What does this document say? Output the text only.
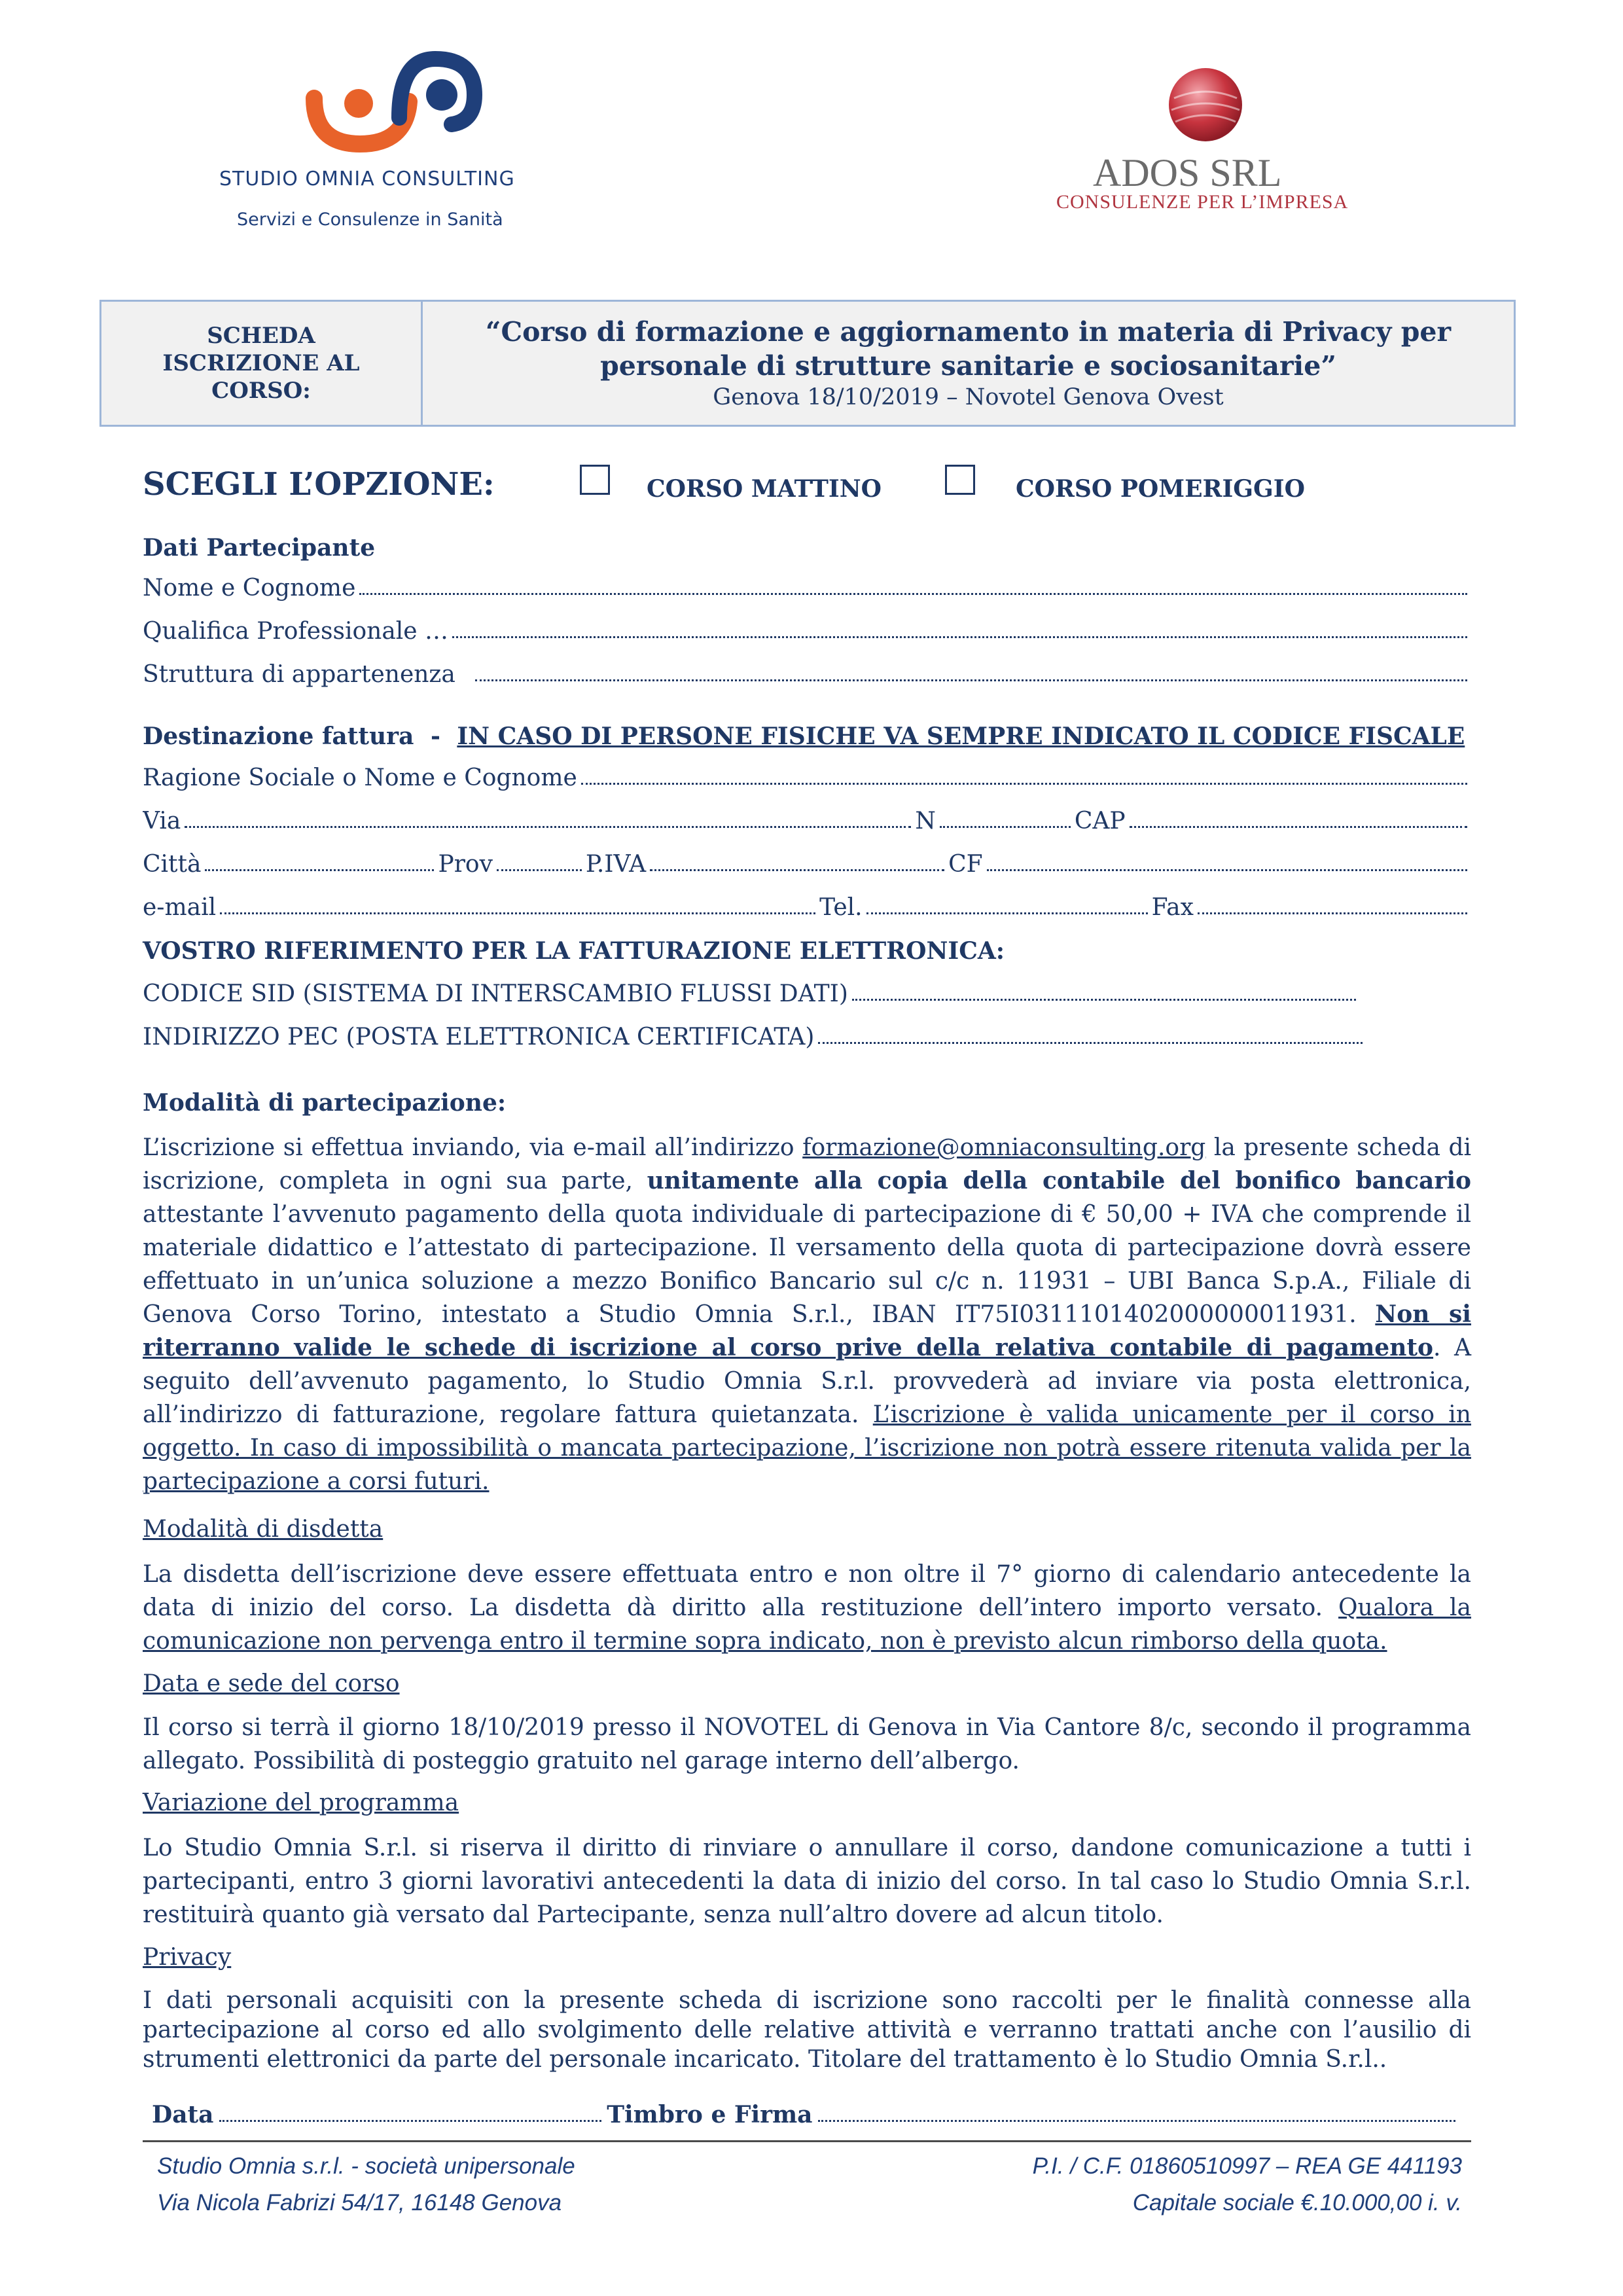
STUDIO OMNIA CONSULTING
Servizi e Consulenze in Sanità
ADOS SRL
CONSULENZE PER L’IMPRESA
SCHEDA ISCRIZIONE AL CORSO:
“Corso di formazione e aggiornamento in materia di Privacy per personale di strutture sanitarie e sociosanitarie”
Genova 18/10/2019 – Novotel Genova Ovest
SCEGLI L’OPZIONE:	CORSO MATTINO	CORSO POMERIGGIO
Dati Partecipante
Nome e Cognome
Qualifica Professionale …
Struttura di appartenenza
Destinazione fattura - IN CASO DI PERSONE FISICHE VA SEMPRE INDICATO IL CODICE FISCALE
Ragione Sociale o Nome e Cognome
Via	N	CAP
Città	Prov	P.IVA	CF
e-mail	Tel.	Fax
VOSTRO RIFERIMENTO PER LA FATTURAZIONE ELETTRONICA:
CODICE SID (SISTEMA DI INTERSCAMBIO FLUSSI DATI)
INDIRIZZO PEC (POSTA ELETTRONICA CERTIFICATA)
Modalità di partecipazione:
L’iscrizione si effettua inviando, via e-mail all’indirizzo formazione@omniaconsulting.org la presente scheda di iscrizione, completa in ogni sua parte, unitamente alla copia della contabile del bonifico bancario attestante l’avvenuto pagamento della quota individuale di partecipazione di € 50,00 + IVA che comprende il materiale didattico e l’attestato di partecipazione. Il versamento della quota di partecipazione dovrà essere effettuato in un’unica soluzione a mezzo Bonifico Bancario sul c/c n. 11931 – UBI Banca S.p.A., Filiale di Genova Corso Torino, intestato a Studio Omnia S.r.l., IBAN IT75I0311101402000000011931. Non si riterranno valide le schede di iscrizione al corso prive della relativa contabile di pagamento. A seguito dell’avvenuto pagamento, lo Studio Omnia S.r.l. provvederà ad inviare via posta elettronica, all’indirizzo di fatturazione, regolare fattura quietanzata. L’iscrizione è valida unicamente per il corso in oggetto. In caso di impossibilità o mancata partecipazione, l’iscrizione non potrà essere ritenuta valida per la partecipazione a corsi futuri.
Modalità di disdetta
La disdetta dell’iscrizione deve essere effettuata entro e non oltre il 7° giorno di calendario antecedente la data di inizio del corso. La disdetta dà diritto alla restituzione dell’intero importo versato. Qualora la comunicazione non pervenga entro il termine sopra indicato, non è previsto alcun rimborso della quota.
Data e sede del corso
Il corso si terrà il giorno 18/10/2019 presso il NOVOTEL di Genova in Via Cantore 8/c, secondo il programma allegato. Possibilità di posteggio gratuito nel garage interno dell’albergo.
Variazione del programma
Lo Studio Omnia S.r.l. si riserva il diritto di rinviare o annullare il corso, dandone comunicazione a tutti i partecipanti, entro 3 giorni lavorativi antecedenti la data di inizio del corso. In tal caso lo Studio Omnia S.r.l. restituirà quanto già versato dal Partecipante, senza null’altro dovere ad alcun titolo.
Privacy
I dati personali acquisiti con la presente scheda di iscrizione sono raccolti per le finalità connesse alla partecipazione al corso ed allo svolgimento delle relative attività e verranno trattati anche con l’ausilio di strumenti elettronici da parte del personale incaricato. Titolare del trattamento è lo Studio Omnia S.r.l..
Data	Timbro e Firma
Studio Omnia s.r.l. - società unipersonale
Via Nicola Fabrizi 54/17, 16148 Genova
P.I. / C.F. 01860510997 – REA GE 441193
Capitale sociale €.10.000,00 i. v.
